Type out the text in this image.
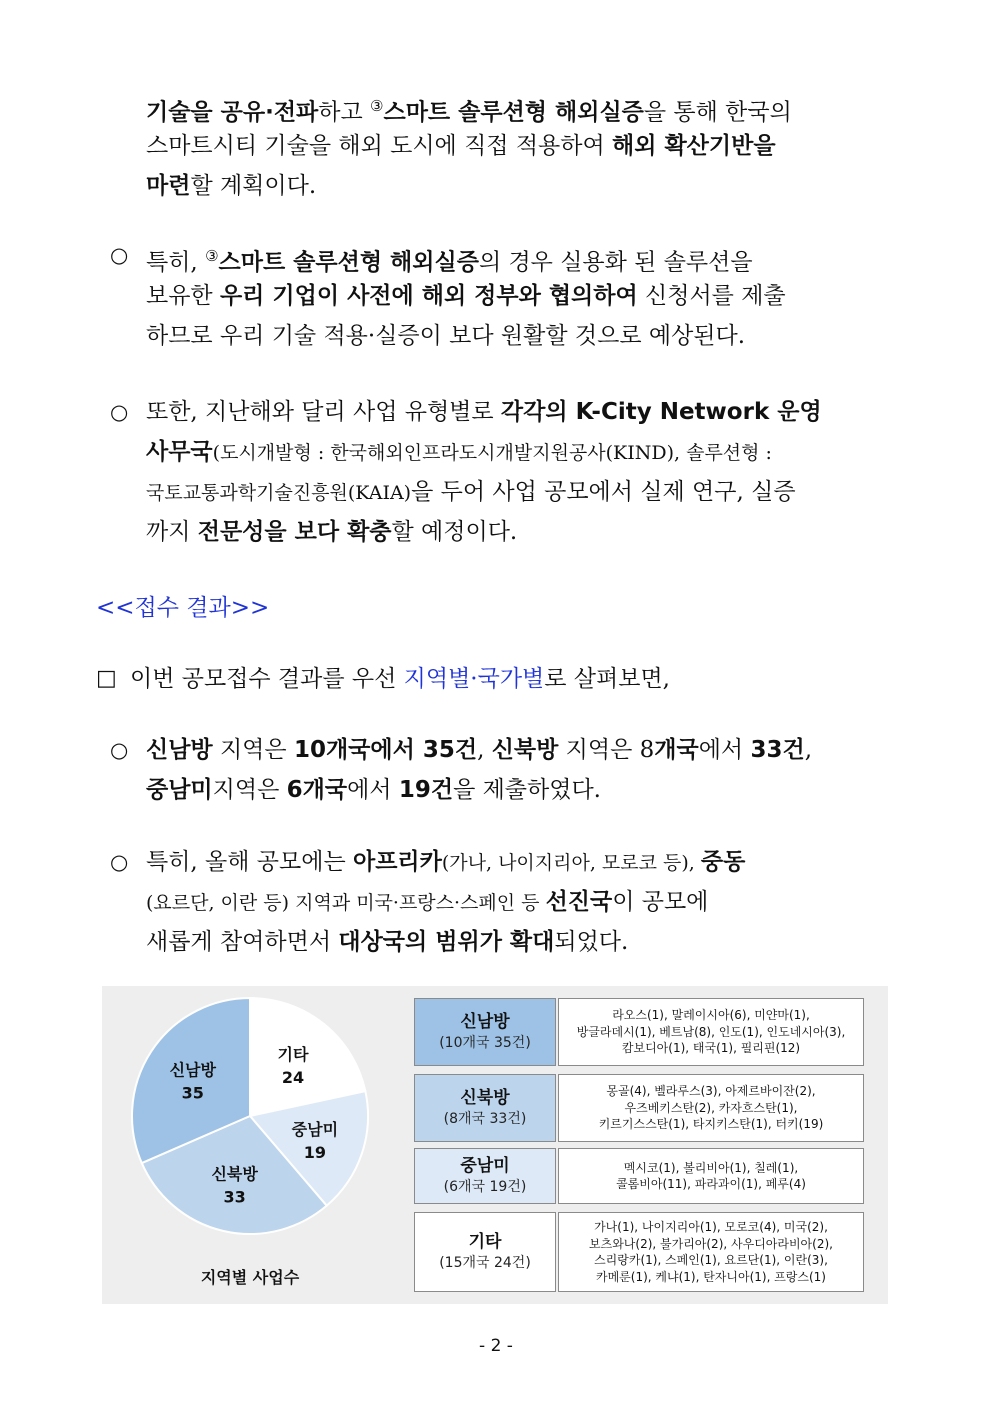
기술을 공유·전파하고 ③스마트 솔루션형 해외실증을 통해 한국의

스마트시티 기술을 해외 도시에 직접 적용하여 해외 확산기반을

마련할 계획이다.

○ 특히, ③스마트 솔루션형 해외실증의 경우 실용화 된 솔루션을

보유한 우리 기업이 사전에 해외 정부와 협의하여 신청서를 제출

하므로 우리 기술 적용·실증이 보다 원활할 것으로 예상된다.

○ 또한, 지난해와 달리 사업 유형별로 각각의 K-City Network 운영

사무국(도시개발형 : 한국해외인프라도시개발지원공사(KIND), 솔루션형 :

국토교통과학기술진흥원(KAIA)을 두어 사업 공모에서 실제 연구, 실증

까지 전문성을 보다 확충할 예정이다.

<<접수 결과>>

□ 이번 공모접수 결과를 우선 지역별·국가별로 살펴보면,

○ 신남방 지역은 10개국에서 35건, 신북방 지역은 8개국에서 33건,

중남미지역은 6개국에서 19건을 제출하였다.

○ 특히, 올해 공모에는 아프리카(가나, 나이지리아, 모로코 등), 중동

(요르단, 이란 등) 지역과 미국·프랑스·스페인 등 선진국이 공모에

새롭게 참여하면서 대상국의 범위가 확대되었다.

기타
24
중남미
19
신북방
33
신남방
35
지역별 사업수
신남방
(10개국 35건)
라오스(1), 말레이시아(6), 미얀마(1),
방글라데시(1), 베트남(8), 인도(1), 인도네시아(3),
캄보디아(1), 태국(1), 필리핀(12)
신북방
(8개국 33건)
몽골(4), 벨라루스(3), 아제르바이잔(2),
우즈베키스탄(2), 카자흐스탄(1),
키르기스스탄(1), 타지키스탄(1), 터키(19)
중남미
(6개국 19건)
멕시코(1), 볼리비아(1), 칠레(1),
콜롬비아(11), 파라과이(1), 페루(4)
기타
(15개국 24건)
가나(1), 나이지리아(1), 모로코(4), 미국(2),
보츠와나(2), 불가리아(2), 사우디아라비아(2),
스리랑카(1), 스페인(1), 요르단(1), 이란(3),
카메룬(1), 케냐(1), 탄자니아(1), 프랑스(1)
- 2 -
